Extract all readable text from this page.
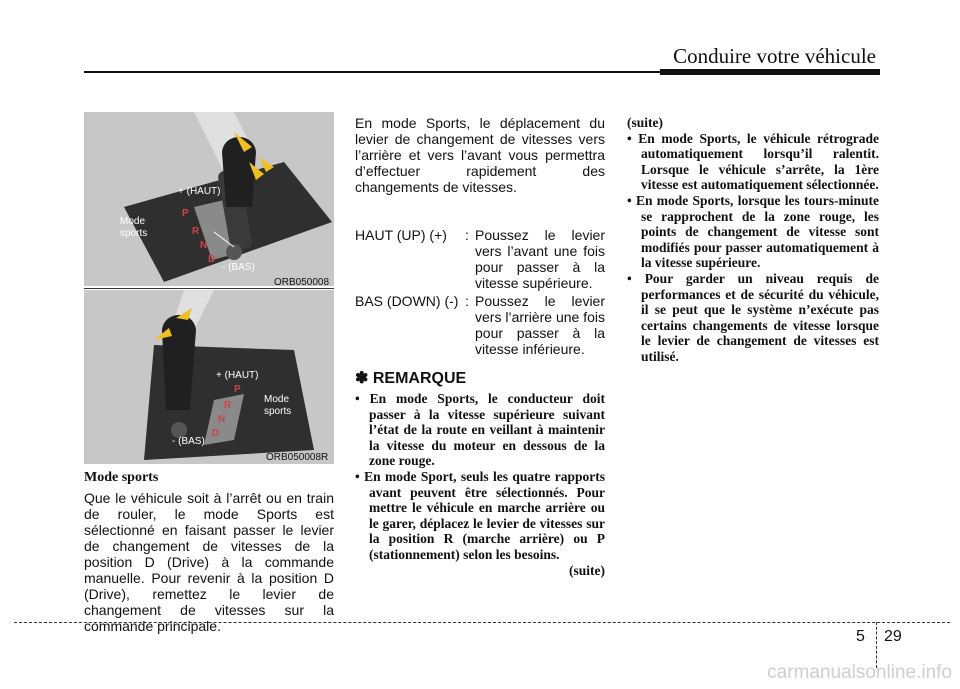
Conduire votre véhicule
+ (HAUT)
- (BAS)
Mode
sports
P
R
N
D
ORB050008
+ (HAUT)
- (BAS)
Mode
sports
P
R
N
D
ORB050008R
Mode sports
Que le véhicule soit à l’arrêt ou en train de rouler, le mode Sports est sélectionné en faisant passer le levier de changement de vitesses de la position D (Drive) à la commande manuelle. Pour revenir à la position D (Drive), remettez le levier de changement de vitesses sur la commande principale.
En mode Sports, le déplacement du levier de changement de vitesses vers l’arrière et vers l’avant vous permettra d’effectuer rapidement des changements de vitesses.
HAUT (UP) (+)	: Poussez le levier vers l’avant une fois pour passer à la vitesse supérieure.
BAS (DOWN) (-) : Poussez le levier vers l’arrière une fois pour passer à la vitesse inférieure.
✽ REMARQUE

• En mode Sports, le conducteur doit passer à la vitesse supérieure suivant l’état de la route en veillant à maintenir la vitesse du moteur en dessous de la zone rouge.

• En mode Sport, seuls les quatre rapports avant peuvent être sélectionnés. Pour mettre le véhicule en marche arrière ou le garer, déplacez le levier de vitesses sur la position R (marche arrière) ou P (stationnement) selon les besoins.

(suite)
(suite)

• En mode Sports, le véhicule rétrograde automatiquement lorsqu’il ralentit. Lorsque le véhicule s’arrête, la 1ère vitesse est automatiquement sélectionnée.

• En mode Sports, lorsque les tours-minute se rapprochent de la zone rouge, les points de changement de vitesse sont modifiés pour passer automatiquement à la vitesse supérieure.

• Pour garder un niveau requis de performances et de sécurité du véhicule, il se peut que le système n’exécute pas certains changements de vitesse lorsque le levier de changement de vitesses est utilisé.

5 29
carmanualsonline.info
